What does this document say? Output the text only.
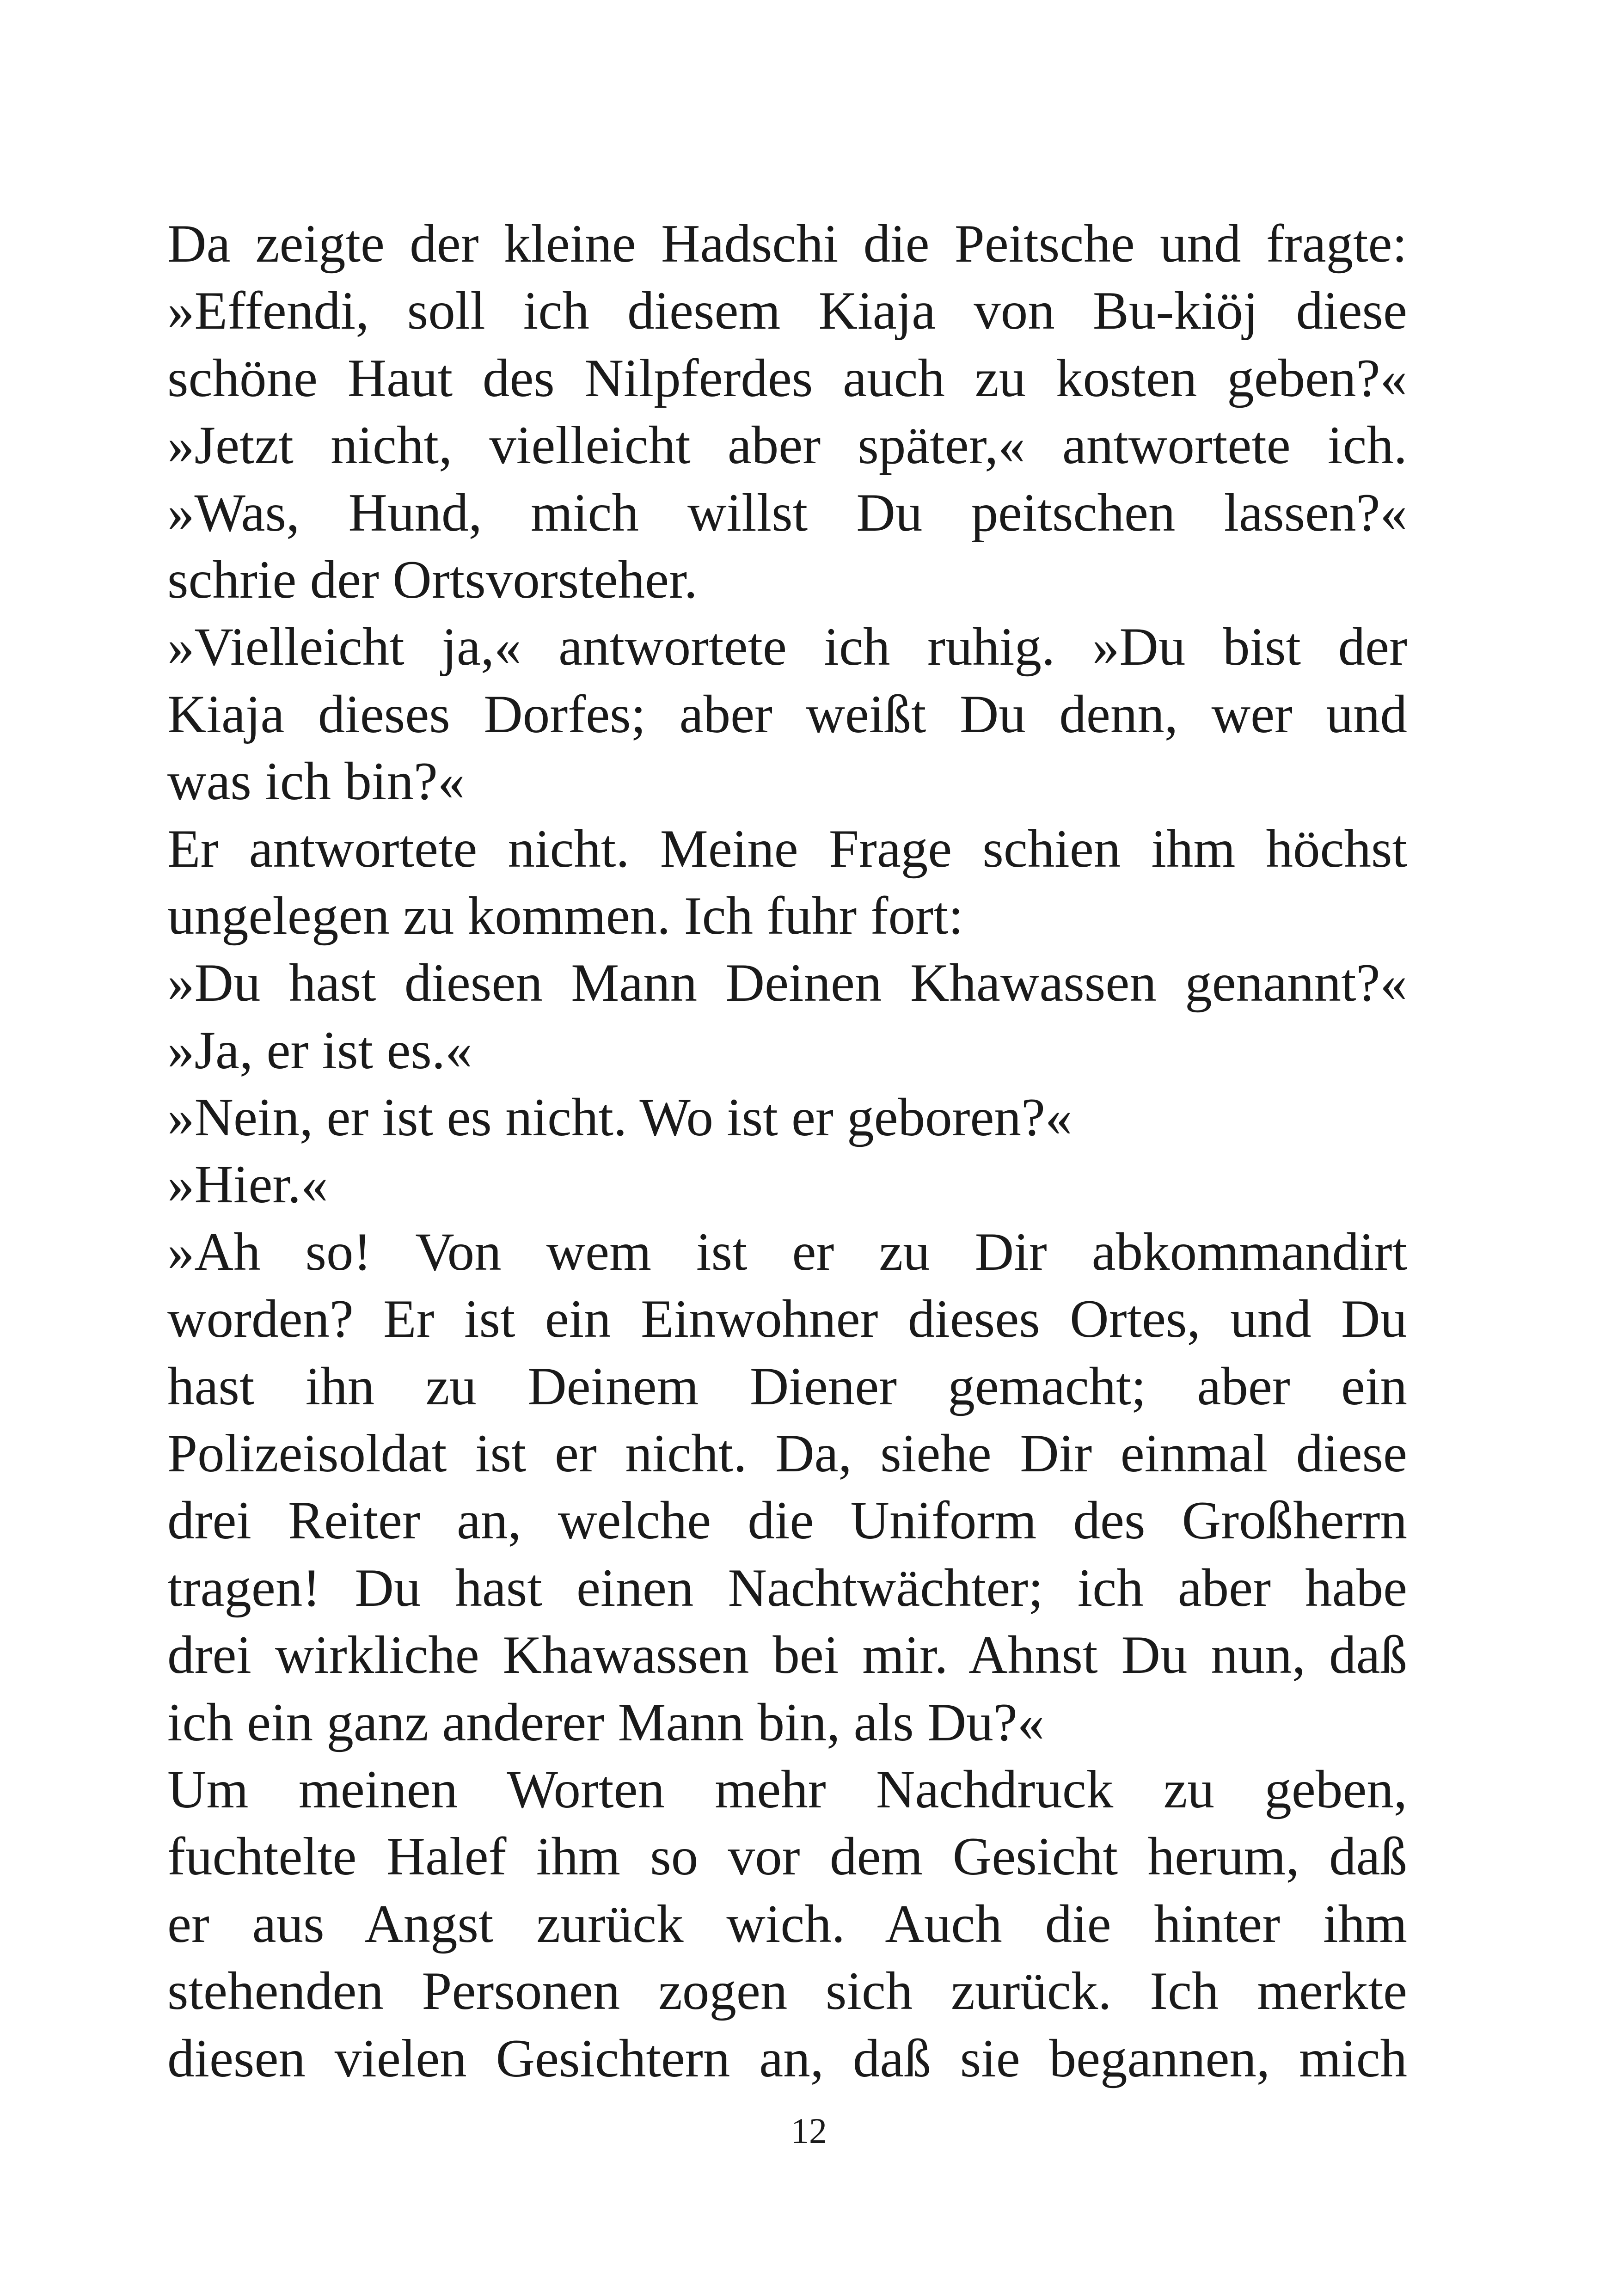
Da zeigte der kleine Hadschi die Peitsche und fragte:
»Effendi, soll ich diesem Kiaja von Bu-kiöj diese
schöne Haut des Nilpferdes auch zu kosten geben?«
»Jetzt nicht, vielleicht aber später,« antwortete ich.
»Was, Hund, mich willst Du peitschen lassen?«
schrie der Ortsvorsteher.
»Vielleicht ja,« antwortete ich ruhig. »Du bist der
Kiaja dieses Dorfes; aber weißt Du denn, wer und
was ich bin?«
Er antwortete nicht. Meine Frage schien ihm höchst
ungelegen zu kommen. Ich fuhr fort:
»Du hast diesen Mann Deinen Khawassen genannt?«
»Ja, er ist es.«
»Nein, er ist es nicht. Wo ist er geboren?«
»Hier.«
»Ah so! Von wem ist er zu Dir abkommandirt
worden? Er ist ein Einwohner dieses Ortes, und Du
hast ihn zu Deinem Diener gemacht; aber ein
Polizeisoldat ist er nicht. Da, siehe Dir einmal diese
drei Reiter an, welche die Uniform des Großherrn
tragen! Du hast einen Nachtwächter; ich aber habe
drei wirkliche Khawassen bei mir. Ahnst Du nun, daß
ich ein ganz anderer Mann bin, als Du?«
Um meinen Worten mehr Nachdruck zu geben,
fuchtelte Halef ihm so vor dem Gesicht herum, daß
er aus Angst zurück wich. Auch die hinter ihm
stehenden Personen zogen sich zurück. Ich merkte
diesen vielen Gesichtern an, daß sie begannen, mich
12
